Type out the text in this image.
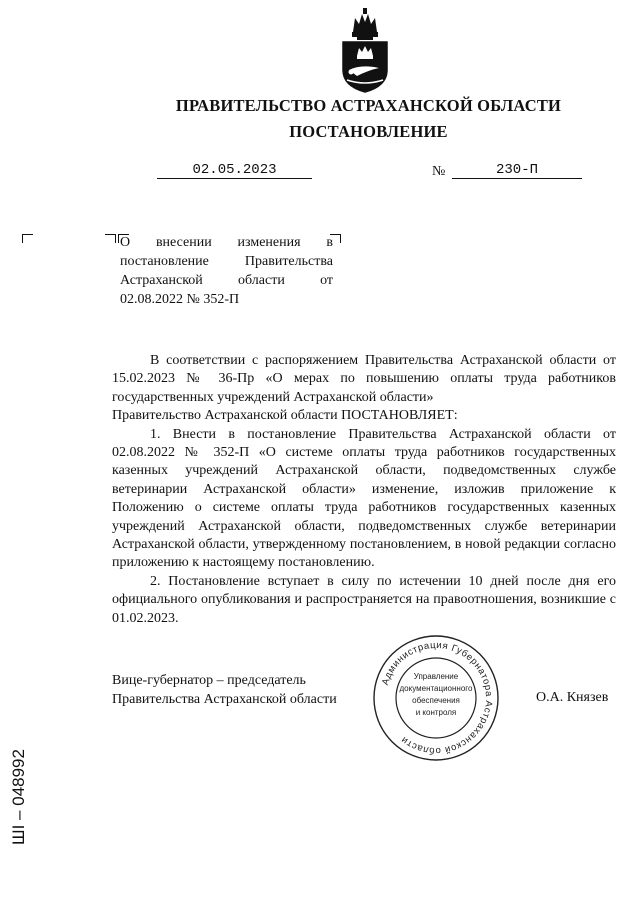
ПРАВИТЕЛЬСТВО АСТРАХАНСКОЙ ОБЛАСТИ
ПОСТАНОВЛЕНИЕ
02.05.2023	№	230-П
О внесении изменения в постановление Правительства Астраханской области от 02.08.2022 № 352-П

В соответствии с распоряжением Правительства Астраханской области от 15.02.2023 № 36-Пр «О мерах по повышению оплаты труда работников государственных учреждений Астраханской области»

Правительство Астраханской области ПОСТАНОВЛЯЕТ:

1. Внести в постановление Правительства Астраханской области от 02.08.2022 № 352-П «О системе оплаты труда работников государственных казенных учреждений Астраханской области, подведомственных службе ветеринарии Астраханской области» изменение, изложив приложение к Положению о системе оплаты труда работников государственных казенных учреждений Астраханской области, подведомственных службе ветеринарии Астраханской области, утвержденному постановлением, в новой редакции согласно приложению к настоящему постановлению.

2. Постановление вступает в силу по истечении 10 дней после дня его официального опубликования и распространяется на правоотношения, возникшие с 01.02.2023.

Вице-губернатор – председатель
Правительства Астраханской области	О.А. Князев
Администрация Губернатора Астраханской области
Управление
документационного
обеспечения
и контроля
ШI – 048992
